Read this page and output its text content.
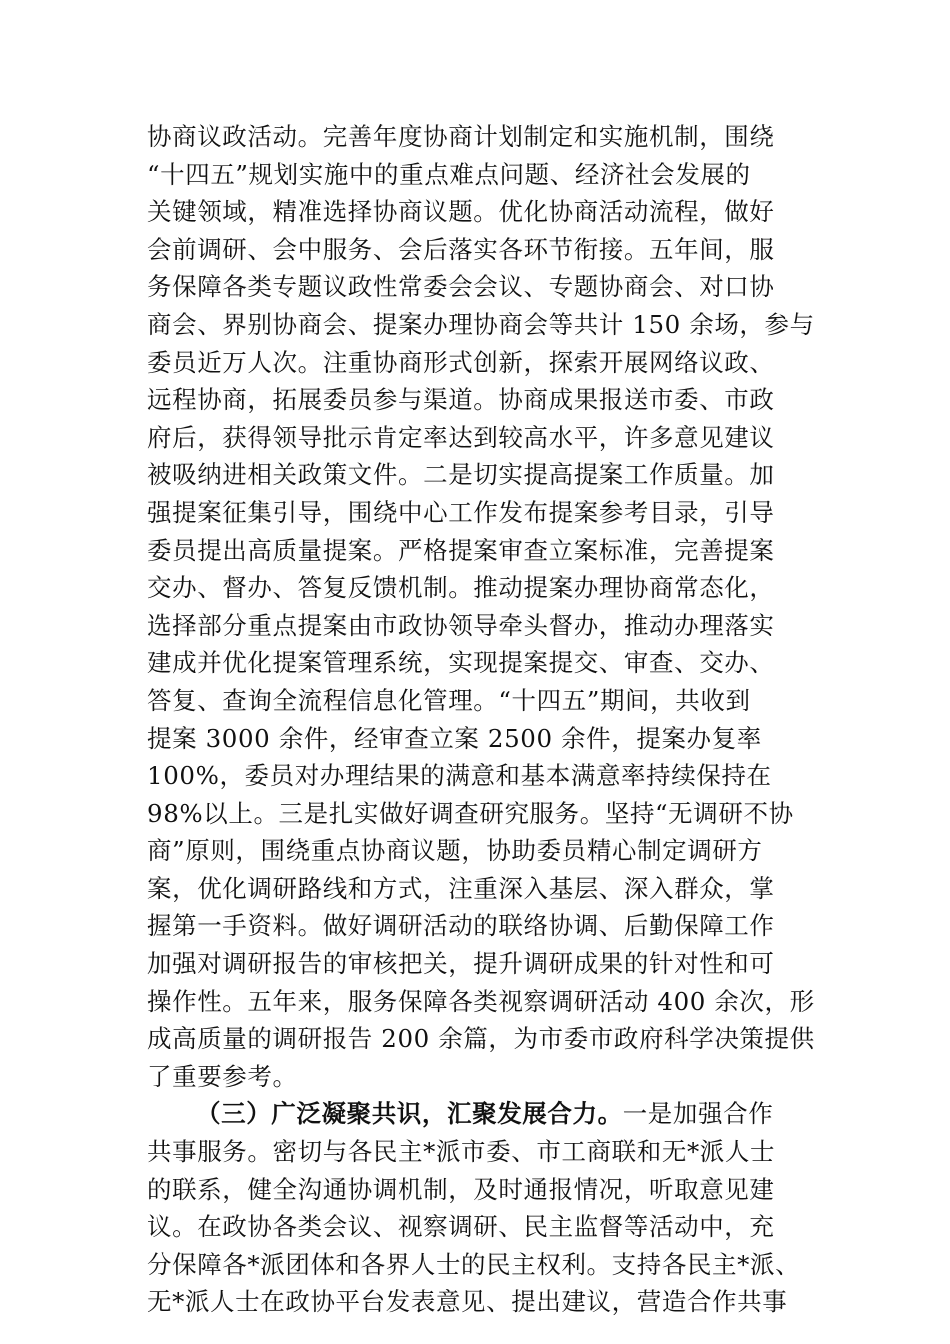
协商议政活动。完善年度协商计划制定和实施机制，围绕
“十四五”规划实施中的重点难点问题、经济社会发展的
关键领域，精准选择协商议题。优化协商活动流程，做好
会前调研、会中服务、会后落实各环节衔接。五年间，服
务保障各类专题议政性常委会会议、专题协商会、对口协
商会、界别协商会、提案办理协商会等共计 150 余场，参与
委员近万人次。注重协商形式创新，探索开展网络议政、
远程协商，拓展委员参与渠道。协商成果报送市委、市政
府后，获得领导批示肯定率达到较高水平，许多意见建议
被吸纳进相关政策文件。二是切实提高提案工作质量。加
强提案征集引导，围绕中心工作发布提案参考目录，引导
委员提出高质量提案。严格提案审查立案标准，完善提案
交办、督办、答复反馈机制。推动提案办理协商常态化，
选择部分重点提案由市政协领导牵头督办，推动办理落实
建成并优化提案管理系统，实现提案提交、审查、交办、
答复、查询全流程信息化管理。“十四五”期间，共收到
提案 3000 余件，经审查立案 2500 余件，提案办复率
100%，委员对办理结果的满意和基本满意率持续保持在
98%以上。三是扎实做好调查研究服务。坚持“无调研不协
商”原则，围绕重点协商议题，协助委员精心制定调研方
案，优化调研路线和方式，注重深入基层、深入群众，掌
握第一手资料。做好调研活动的联络协调、后勤保障工作
加强对调研报告的审核把关，提升调研成果的针对性和可
操作性。五年来，服务保障各类视察调研活动 400 余次，形
成高质量的调研报告 200 余篇，为市委市政府科学决策提供
了重要参考。
（三）广泛凝聚共识，汇聚发展合力。一是加强合作
共事服务。密切与各民主*派市委、市工商联和无*派人士
的联系，健全沟通协调机制，及时通报情况，听取意见建
议。在政协各类会议、视察调研、民主监督等活动中，充
分保障各*派团体和各界人士的民主权利。支持各民主*派、
无*派人士在政协平台发表意见、提出建议，营造合作共事
